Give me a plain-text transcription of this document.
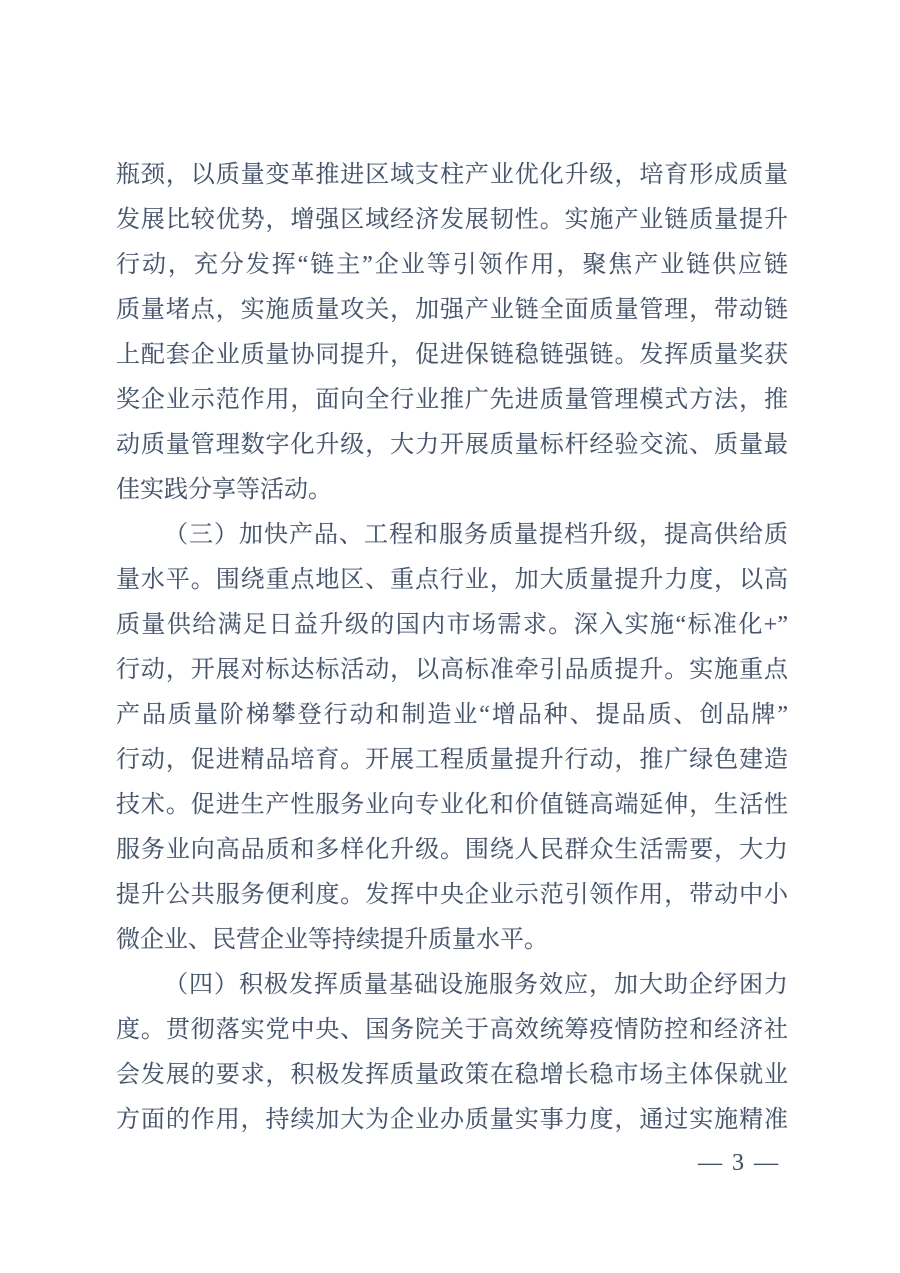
瓶颈，以质量变革推进区域支柱产业优化升级，培育形成质量
发展比较优势，增强区域经济发展韧性。实施产业链质量提升
行动，充分发挥“链主”企业等引领作用，聚焦产业链供应链
质量堵点，实施质量攻关，加强产业链全面质量管理，带动链
上配套企业质量协同提升，促进保链稳链强链。发挥质量奖获
奖企业示范作用，面向全行业推广先进质量管理模式方法，推
动质量管理数字化升级，大力开展质量标杆经验交流、质量最
佳实践分享等活动。
（三）加快产品、工程和服务质量提档升级，提高供给质
量水平。围绕重点地区、重点行业，加大质量提升力度，以高
质量供给满足日益升级的国内市场需求。深入实施“标准化+”
行动，开展对标达标活动，以高标准牵引品质提升。实施重点
产品质量阶梯攀登行动和制造业“增品种、提品质、创品牌”
行动，促进精品培育。开展工程质量提升行动，推广绿色建造
技术。促进生产性服务业向专业化和价值链高端延伸，生活性
服务业向高品质和多样化升级。围绕人民群众生活需要，大力
提升公共服务便利度。发挥中央企业示范引领作用，带动中小
微企业、民营企业等持续提升质量水平。
（四）积极发挥质量基础设施服务效应，加大助企纾困力
度。贯彻落实党中央、国务院关于高效统筹疫情防控和经济社
会发展的要求，积极发挥质量政策在稳增长稳市场主体保就业
方面的作用，持续加大为企业办质量实事力度，通过实施精准
— 3 —
